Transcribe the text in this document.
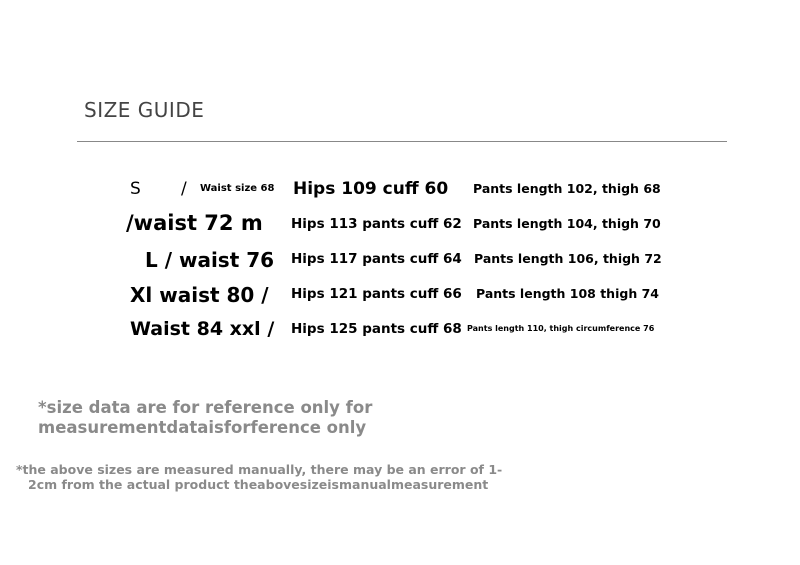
SIZE GUIDE
S / Waist size 68 Hips 109 cuff 60 Pants length 102, thigh 68
/waist 72 m Hips 113 pants cuff 62 Pants length 104, thigh 70
L / waist 76 Hips 117 pants cuff 64 Pants length 106, thigh 72
Xl waist 80 / Hips 121 pants cuff 66 Pants length 108 thigh 74
Waist 84 xxl / Hips 125 pants cuff 68 Pants length 110, thigh circumference 76
*size data are for reference only for
measurementdataisforference only
*the above sizes are measured manually, there may be an error of 1-
2cm from the actual product theabovesizeismanualmeasurement
